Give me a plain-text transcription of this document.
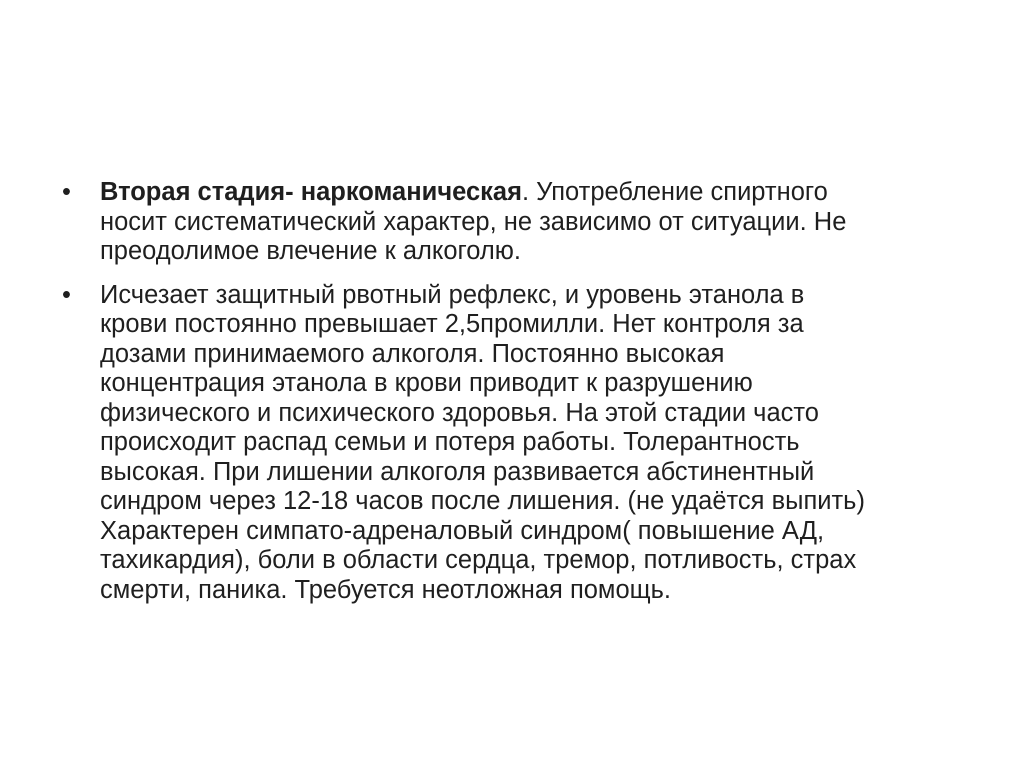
•	Вторая стадия- наркоманическая. Употребление спиртного
носит систематический характер, не зависимо от ситуации. Не
преодолимое влечение к алкоголю.
•	Исчезает защитный рвотный рефлекс, и уровень этанола в
крови постоянно превышает 2,5промилли. Нет контроля за
дозами принимаемого алкоголя. Постоянно высокая
концентрация этанола в крови приводит к разрушению
физического и психического здоровья. На этой стадии часто
происходит распад семьи и потеря работы. Толерантность
высокая. При лишении алкоголя развивается абстинентный
синдром через 12-18 часов после лишения. (не удаётся выпить)
Характерен симпато-адреналовый синдром( повышение АД,
тахикардия), боли в области сердца, тремор, потливость, страх
смерти, паника. Требуется неотложная помощь.
